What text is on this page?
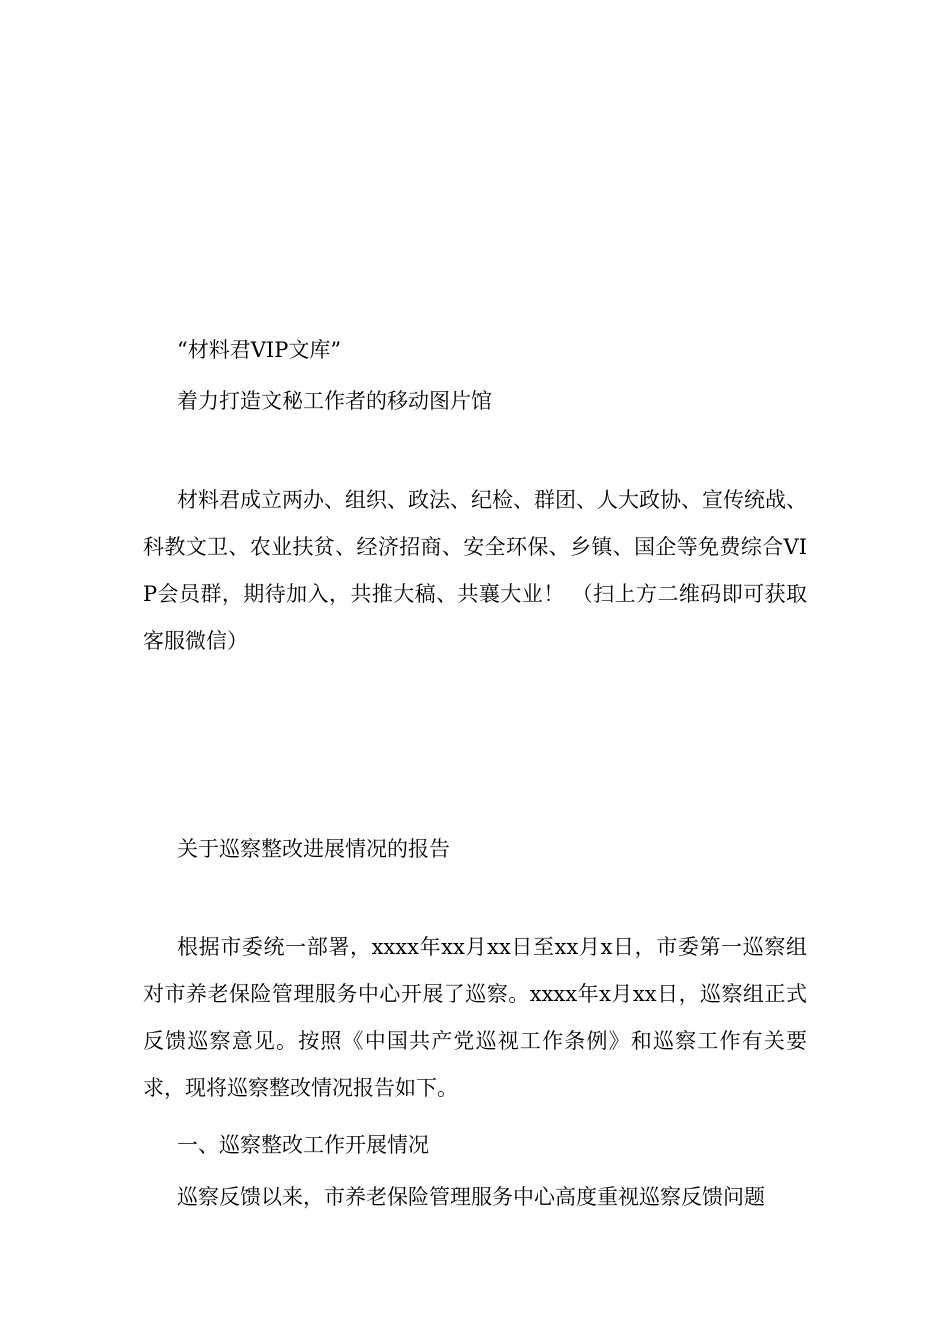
“材料君VIP文库”

着力打造文秘工作者的移动图片馆

材料君成立两办、组织、政法、纪检、群团、人大政协、宣传统战、科教文卫、农业扶贫、经济招商、安全环保、乡镇、国企等免费综合VIP会员群，期待加入，共推大稿、共襄大业！ （扫上方二维码即可获取客服微信）

关于巡察整改进展情况的报告

根据市委统一部署，xxxx年xx月xx日至xx月x日，市委第一巡察组对市养老保险管理服务中心开展了巡察。xxxx年x月xx日，巡察组正式反馈巡察意见。按照《中国共产党巡视工作条例》和巡察工作有关要求，现将巡察整改情况报告如下。

一、巡察整改工作开展情况

巡察反馈以来，市养老保险管理服务中心高度重视巡察反馈问题
